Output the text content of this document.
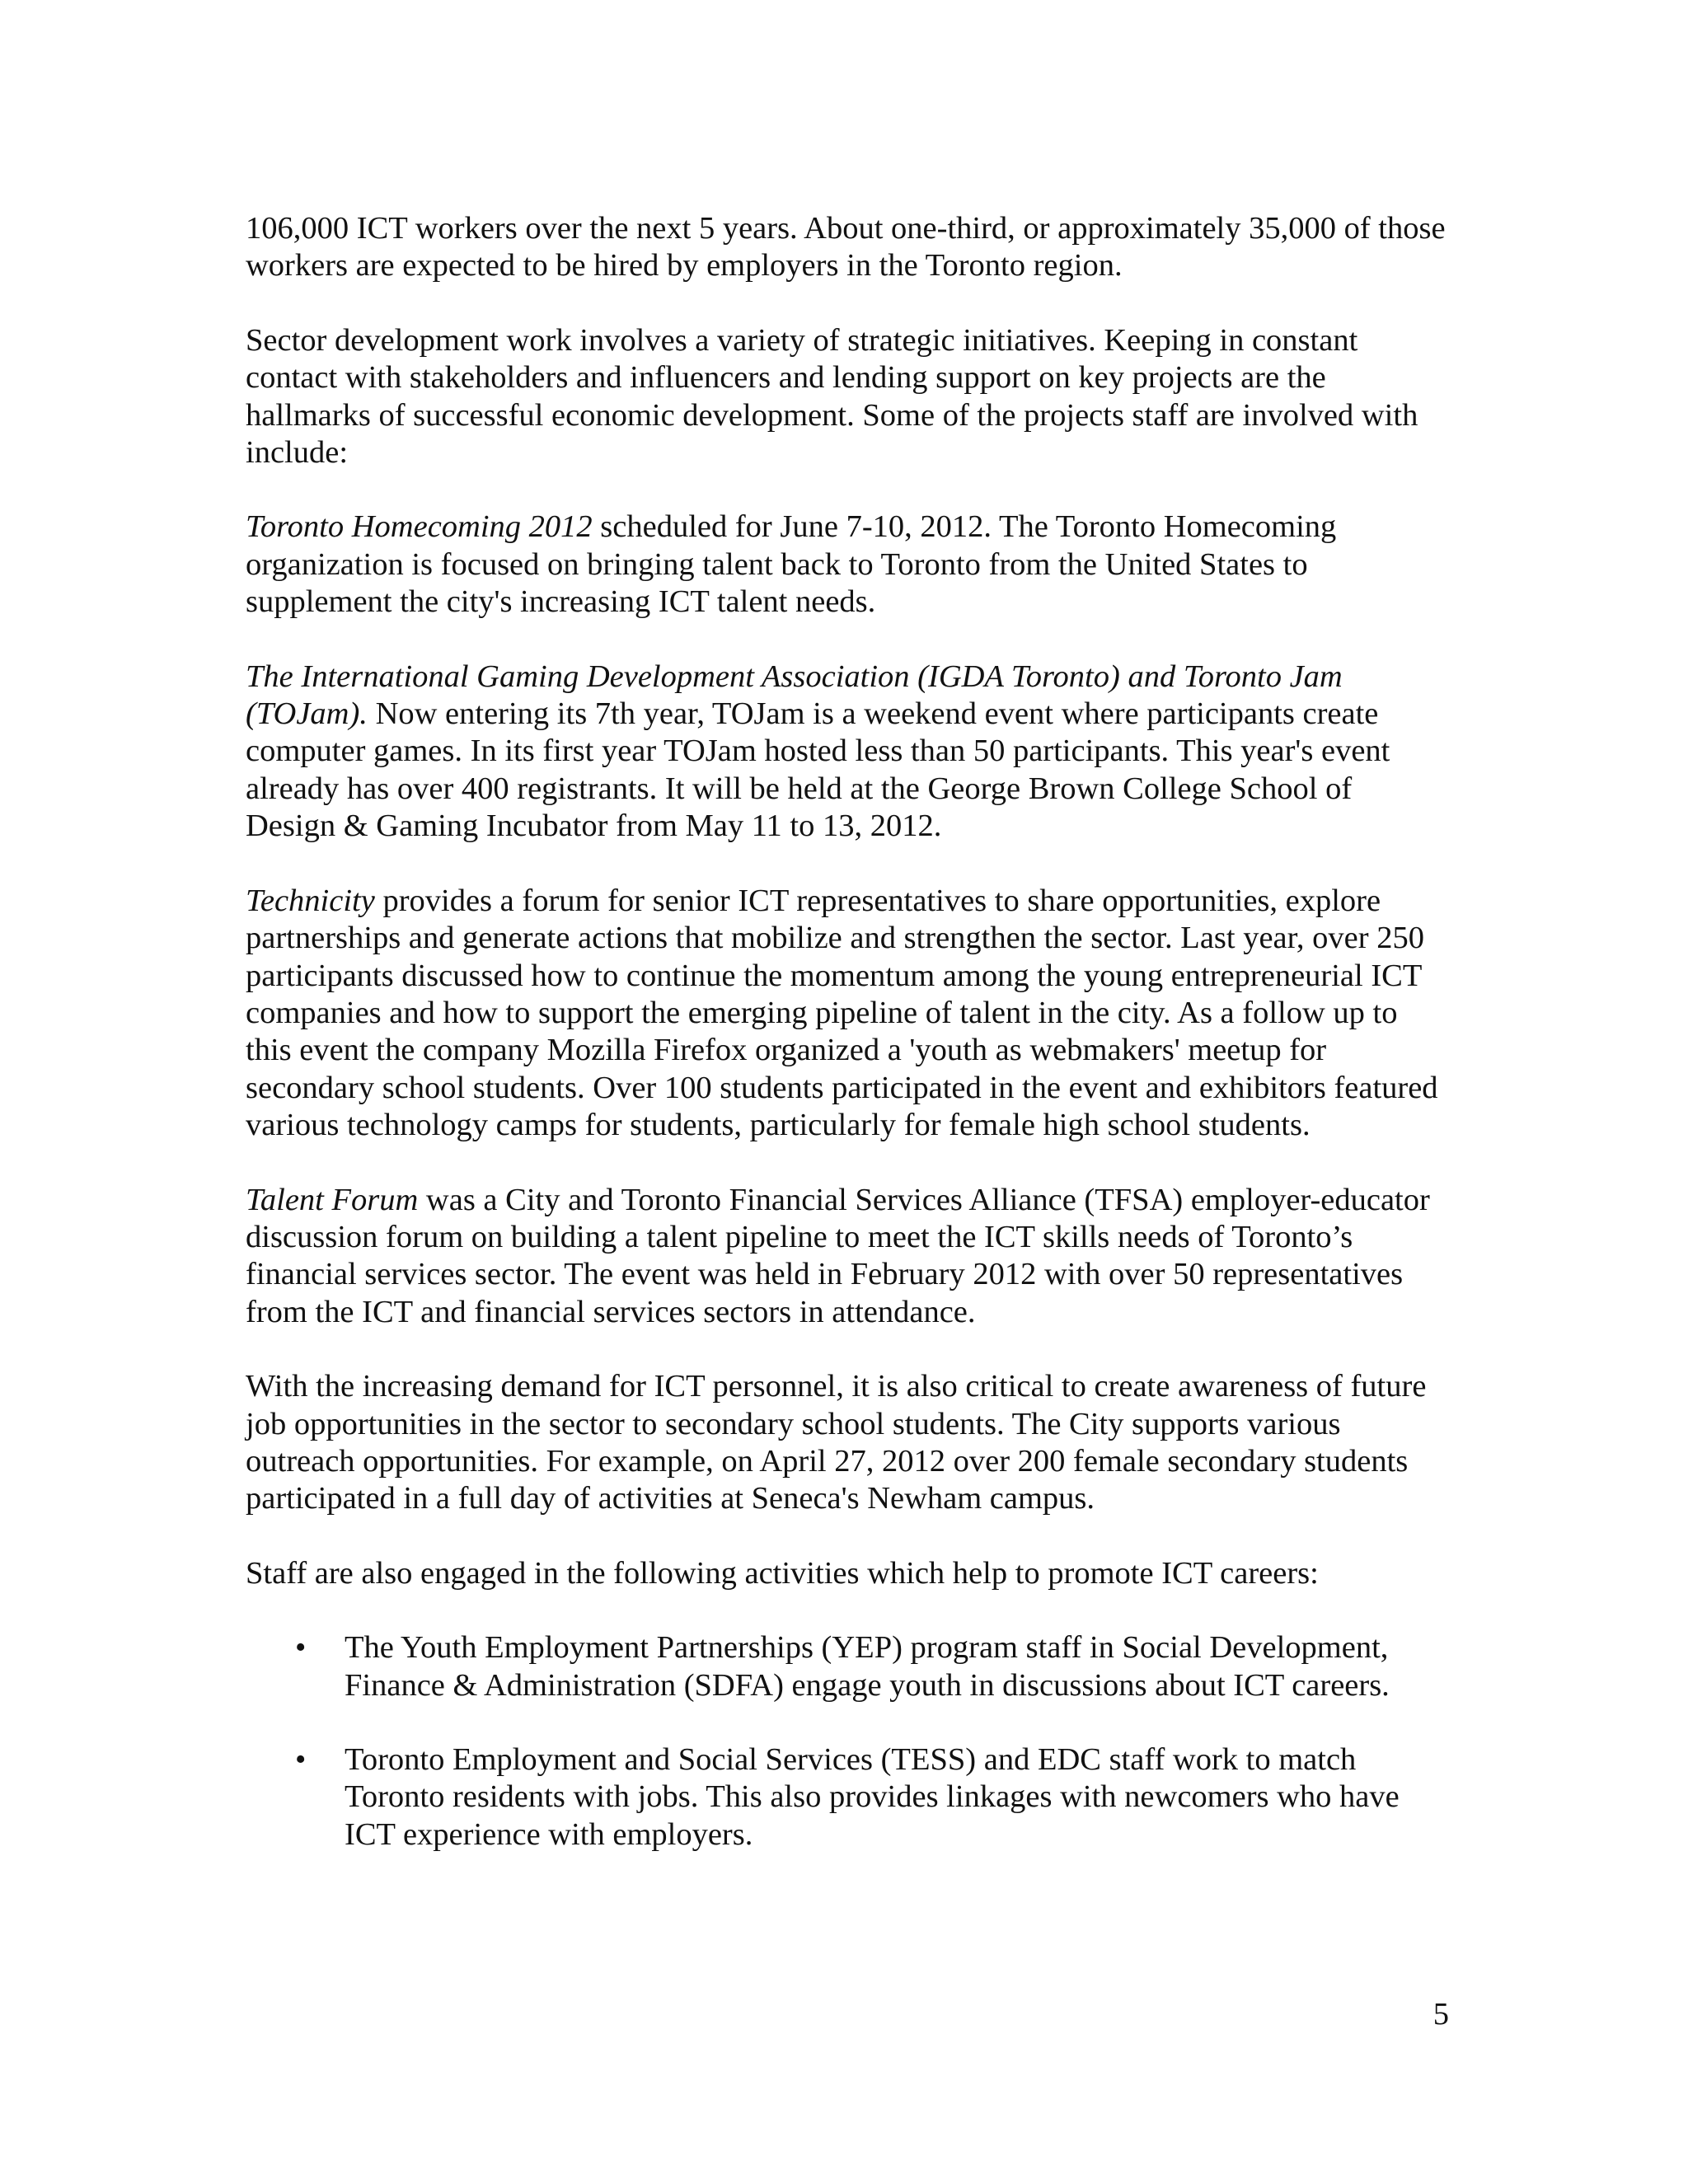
106,000 ICT workers over the next 5 years. About one-third, or approximately 35,000 of those workers are expected to be hired by employers in the Toronto region.

Sector development work involves a variety of strategic initiatives. Keeping in constant contact with stakeholders and influencers and lending support on key projects are the hallmarks of successful economic development. Some of the projects staff are involved with include:

Toronto Homecoming 2012 scheduled for June 7-10, 2012. The Toronto Homecoming organization is focused on bringing talent back to Toronto from the United States to supplement the city's increasing ICT talent needs.

The International Gaming Development Association (IGDA Toronto) and Toronto Jam (TOJam). Now entering its 7th year, TOJam is a weekend event where participants create computer games. In its first year TOJam hosted less than 50 participants. This year's event already has over 400 registrants. It will be held at the George Brown College School of Design & Gaming Incubator from May 11 to 13, 2012.

Technicity provides a forum for senior ICT representatives to share opportunities, explore partnerships and generate actions that mobilize and strengthen the sector. Last year, over 250 participants discussed how to continue the momentum among the young entrepreneurial ICT companies and how to support the emerging pipeline of talent in the city. As a follow up to this event the company Mozilla Firefox organized a 'youth as webmakers' meetup for secondary school students. Over 100 students participated in the event and exhibitors featured various technology camps for students, particularly for female high school students.

Talent Forum was a City and Toronto Financial Services Alliance (TFSA) employer-educator discussion forum on building a talent pipeline to meet the ICT skills needs of Toronto’s financial services sector. The event was held in February 2012 with over 50 representatives from the ICT and financial services sectors in attendance.

With the increasing demand for ICT personnel, it is also critical to create awareness of future job opportunities in the sector to secondary school students. The City supports various outreach opportunities. For example, on April 27, 2012 over 200 female secondary students participated in a full day of activities at Seneca's Newham campus.

Staff are also engaged in the following activities which help to promote ICT careers:

• The Youth Employment Partnerships (YEP) program staff in Social Development, Finance & Administration (SDFA) engage youth in discussions about ICT careers.
• Toronto Employment and Social Services (TESS) and EDC staff work to match Toronto residents with jobs. This also provides linkages with newcomers who have ICT experience with employers.
5
